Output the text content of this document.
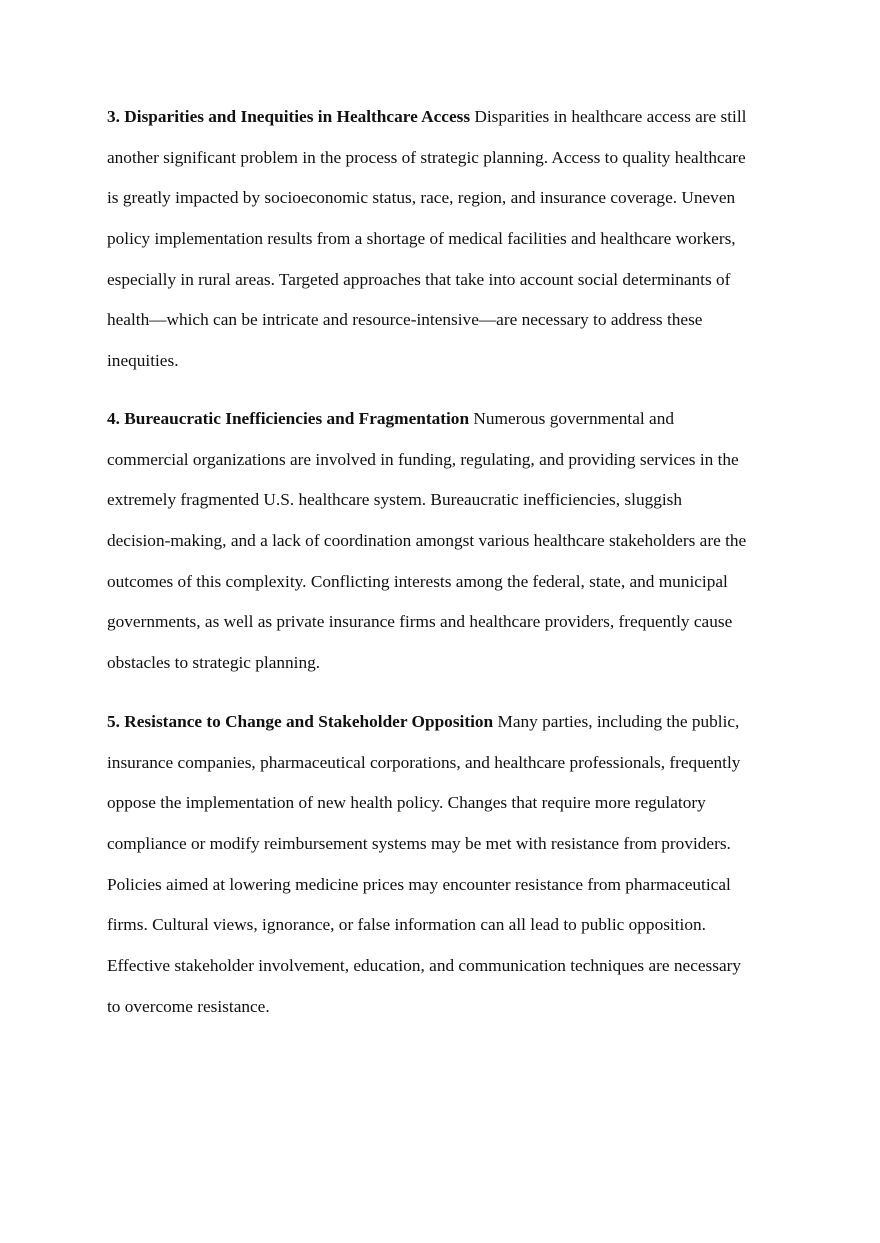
3. Disparities and Inequities in Healthcare Access Disparities in healthcare access are still
another significant problem in the process of strategic planning. Access to quality healthcare
is greatly impacted by socioeconomic status, race, region, and insurance coverage. Uneven
policy implementation results from a shortage of medical facilities and healthcare workers,
especially in rural areas. Targeted approaches that take into account social determinants of
health—which can be intricate and resource-intensive—are necessary to address these
inequities.
4. Bureaucratic Inefficiencies and Fragmentation Numerous governmental and
commercial organizations are involved in funding, regulating, and providing services in the
extremely fragmented U.S. healthcare system. Bureaucratic inefficiencies, sluggish
decision-making, and a lack of coordination amongst various healthcare stakeholders are the
outcomes of this complexity. Conflicting interests among the federal, state, and municipal
governments, as well as private insurance firms and healthcare providers, frequently cause
obstacles to strategic planning.
5. Resistance to Change and Stakeholder Opposition Many parties, including the public,
insurance companies, pharmaceutical corporations, and healthcare professionals, frequently
oppose the implementation of new health policy. Changes that require more regulatory
compliance or modify reimbursement systems may be met with resistance from providers.
Policies aimed at lowering medicine prices may encounter resistance from pharmaceutical
firms. Cultural views, ignorance, or false information can all lead to public opposition.
Effective stakeholder involvement, education, and communication techniques are necessary
to overcome resistance.
